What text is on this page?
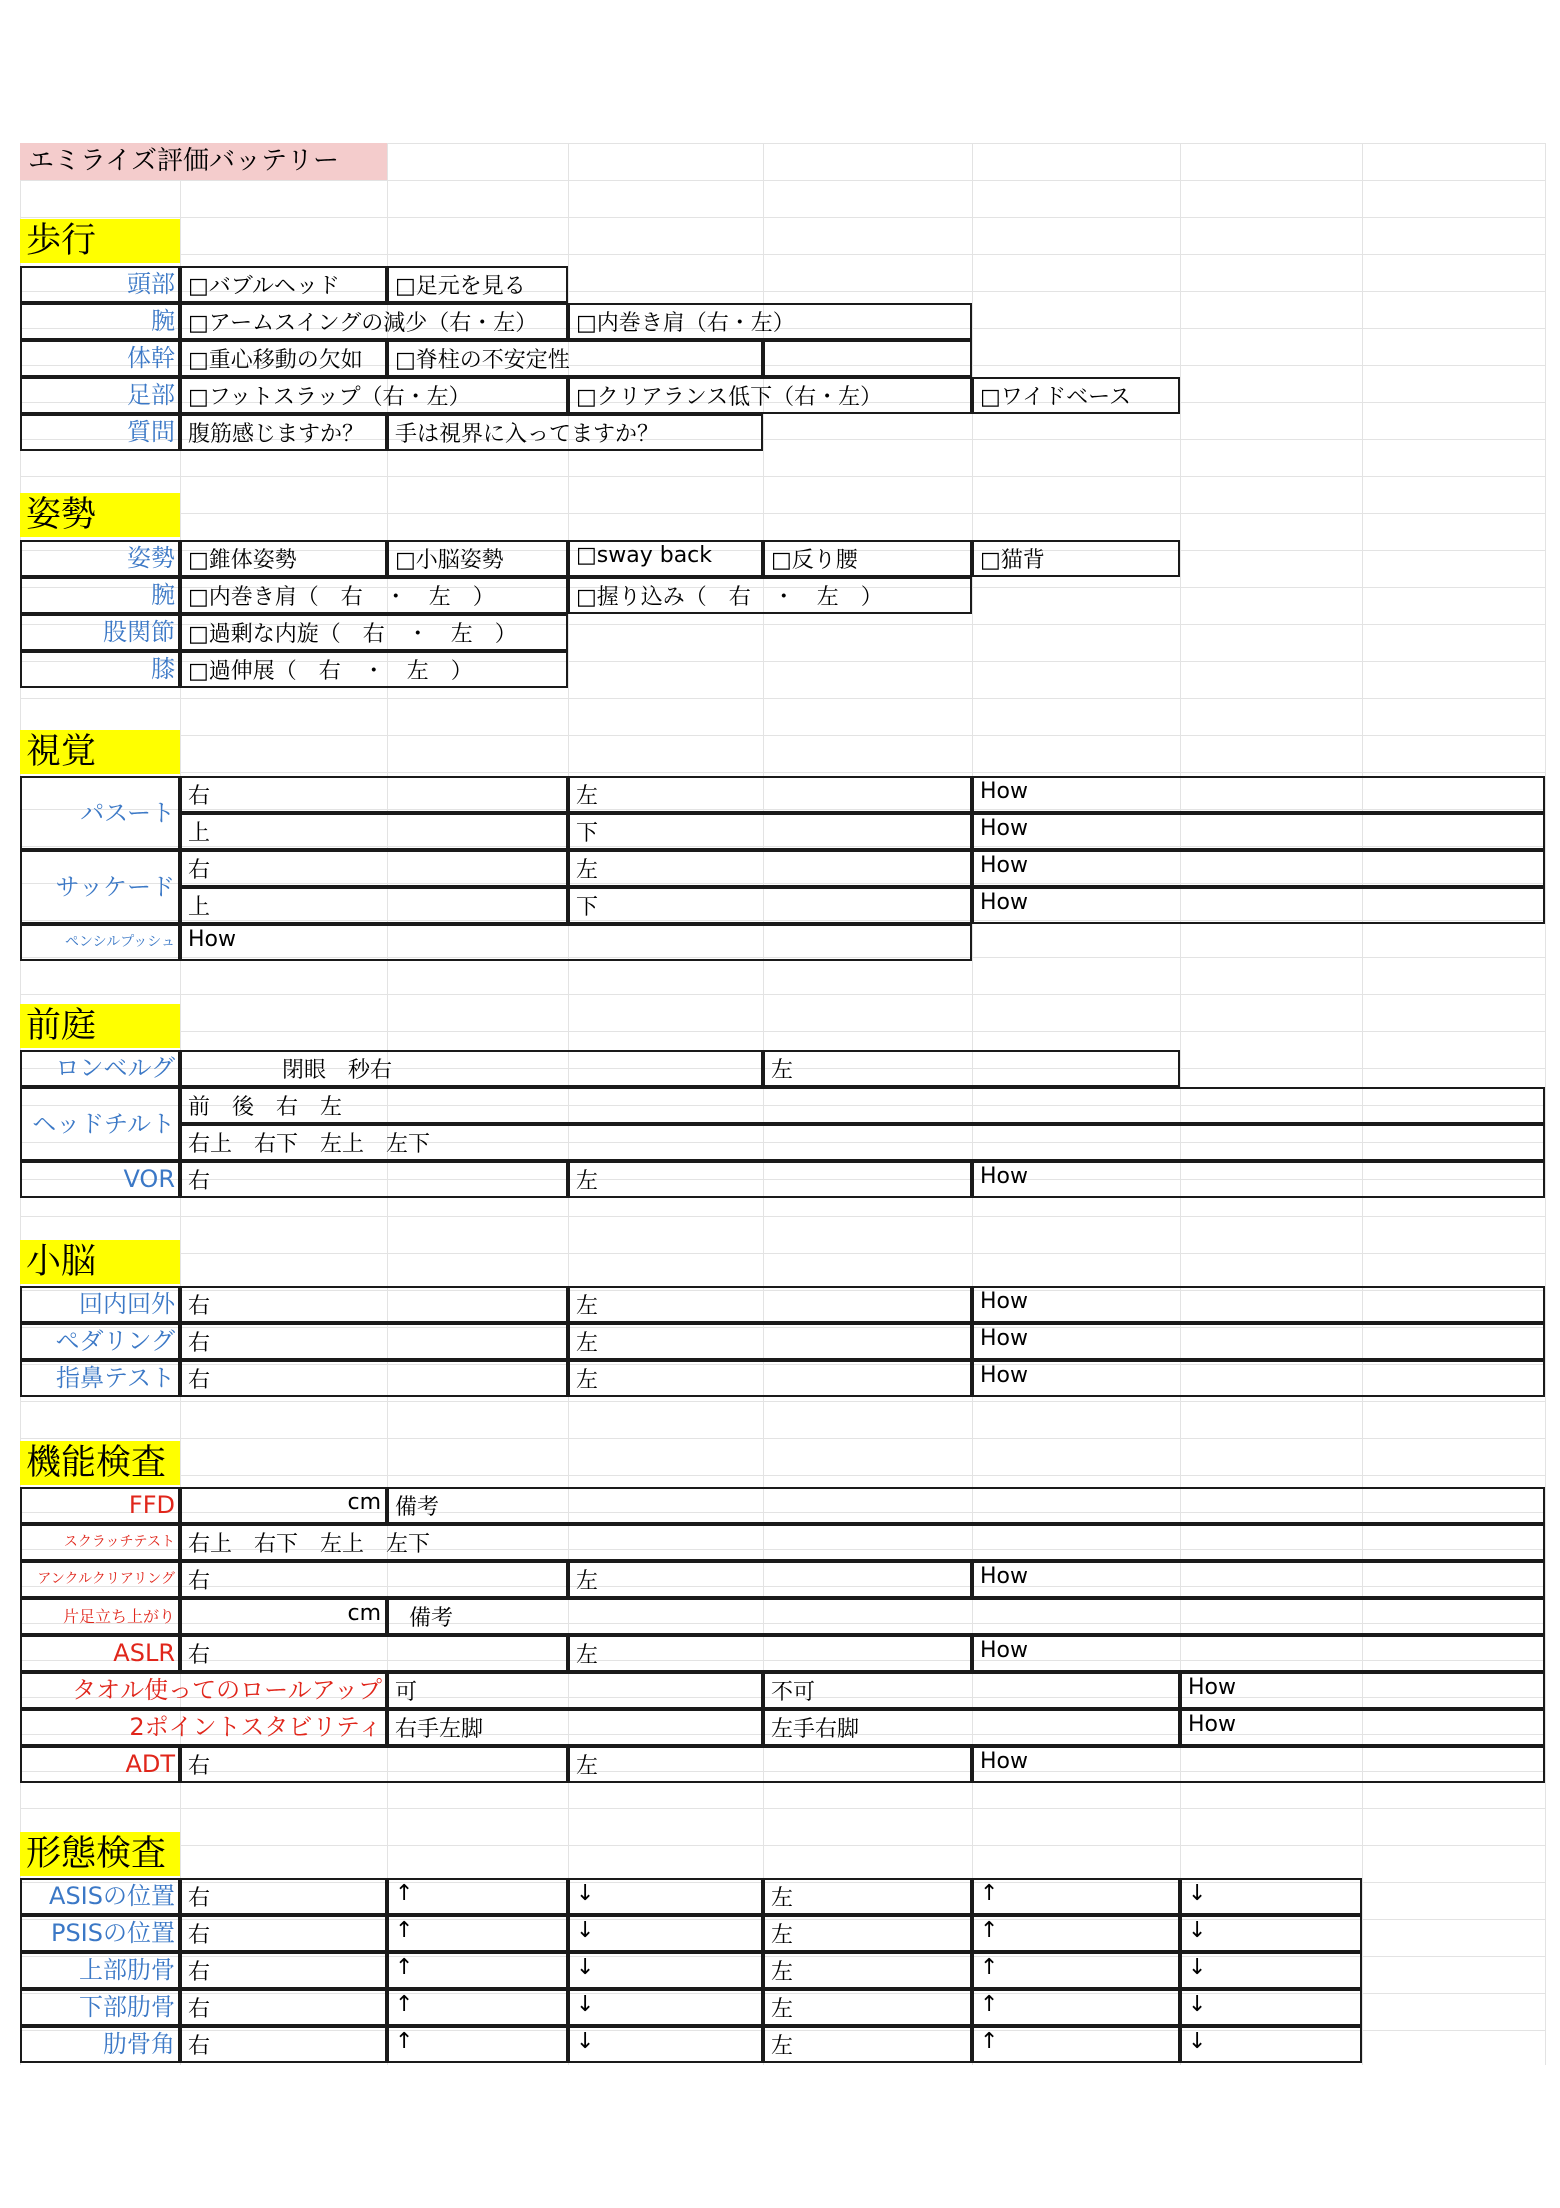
エミライズ評価バッテリー
歩行
頭部 □バブルヘッド	□足元を見る
腕 □アームスイングの減少（右・左） □内巻き肩（右・左）
体幹 □重心移動の欠如 □脊柱の不安定性
足部 □フットスラップ（右・左）	□クリアランス低下（右・左）	□ワイドベース
質問 腹筋感じますか？ 手は視界に入ってますか？
姿勢
姿勢 □錐体姿勢	□小脳姿勢	□sway back	□反り腰	□猫背
腕 □内巻き肩（　右　・　左　）	□握り込み（　右　・　左　）
股関節 □過剰な内旋（　右　・　左　）
膝 □過伸展（　右　・　左　）
視覚
パスート
右	左	How
上	下	How
サッケード
右	左	How
上	下	How
ペンシルプッシュ How
前庭
ロンベルグ	閉眼　秒右	左
ヘッドチルト
前　後　右　左
右上　右下　左上　左下
VOR 右	左	How
小脳
回内回外 右	左	How
ペダリング 右	左	How
指鼻テスト 右	左	How
機能検査
FFD	cm 備考
スクラッチテスト 右上　右下　左上　左下
アンクルクリアリング 右	左	How
片足立ち上がり	cm 備考
ASLR 右	左	How
タオル使ってのロールアップ 可	不可	How
2ポイントスタビリティ 右手左脚	左手右脚	How
ADT 右	左	How
形態検査
ASISの位置 右	↑	↓	左	↑	↓
PSISの位置 右	↑	↓	左	↑	↓
上部肋骨 右	↑	↓	左	↑	↓
下部肋骨 右	↑	↓	左	↑	↓
肋骨角 右	↑	↓	左	↑	↓
